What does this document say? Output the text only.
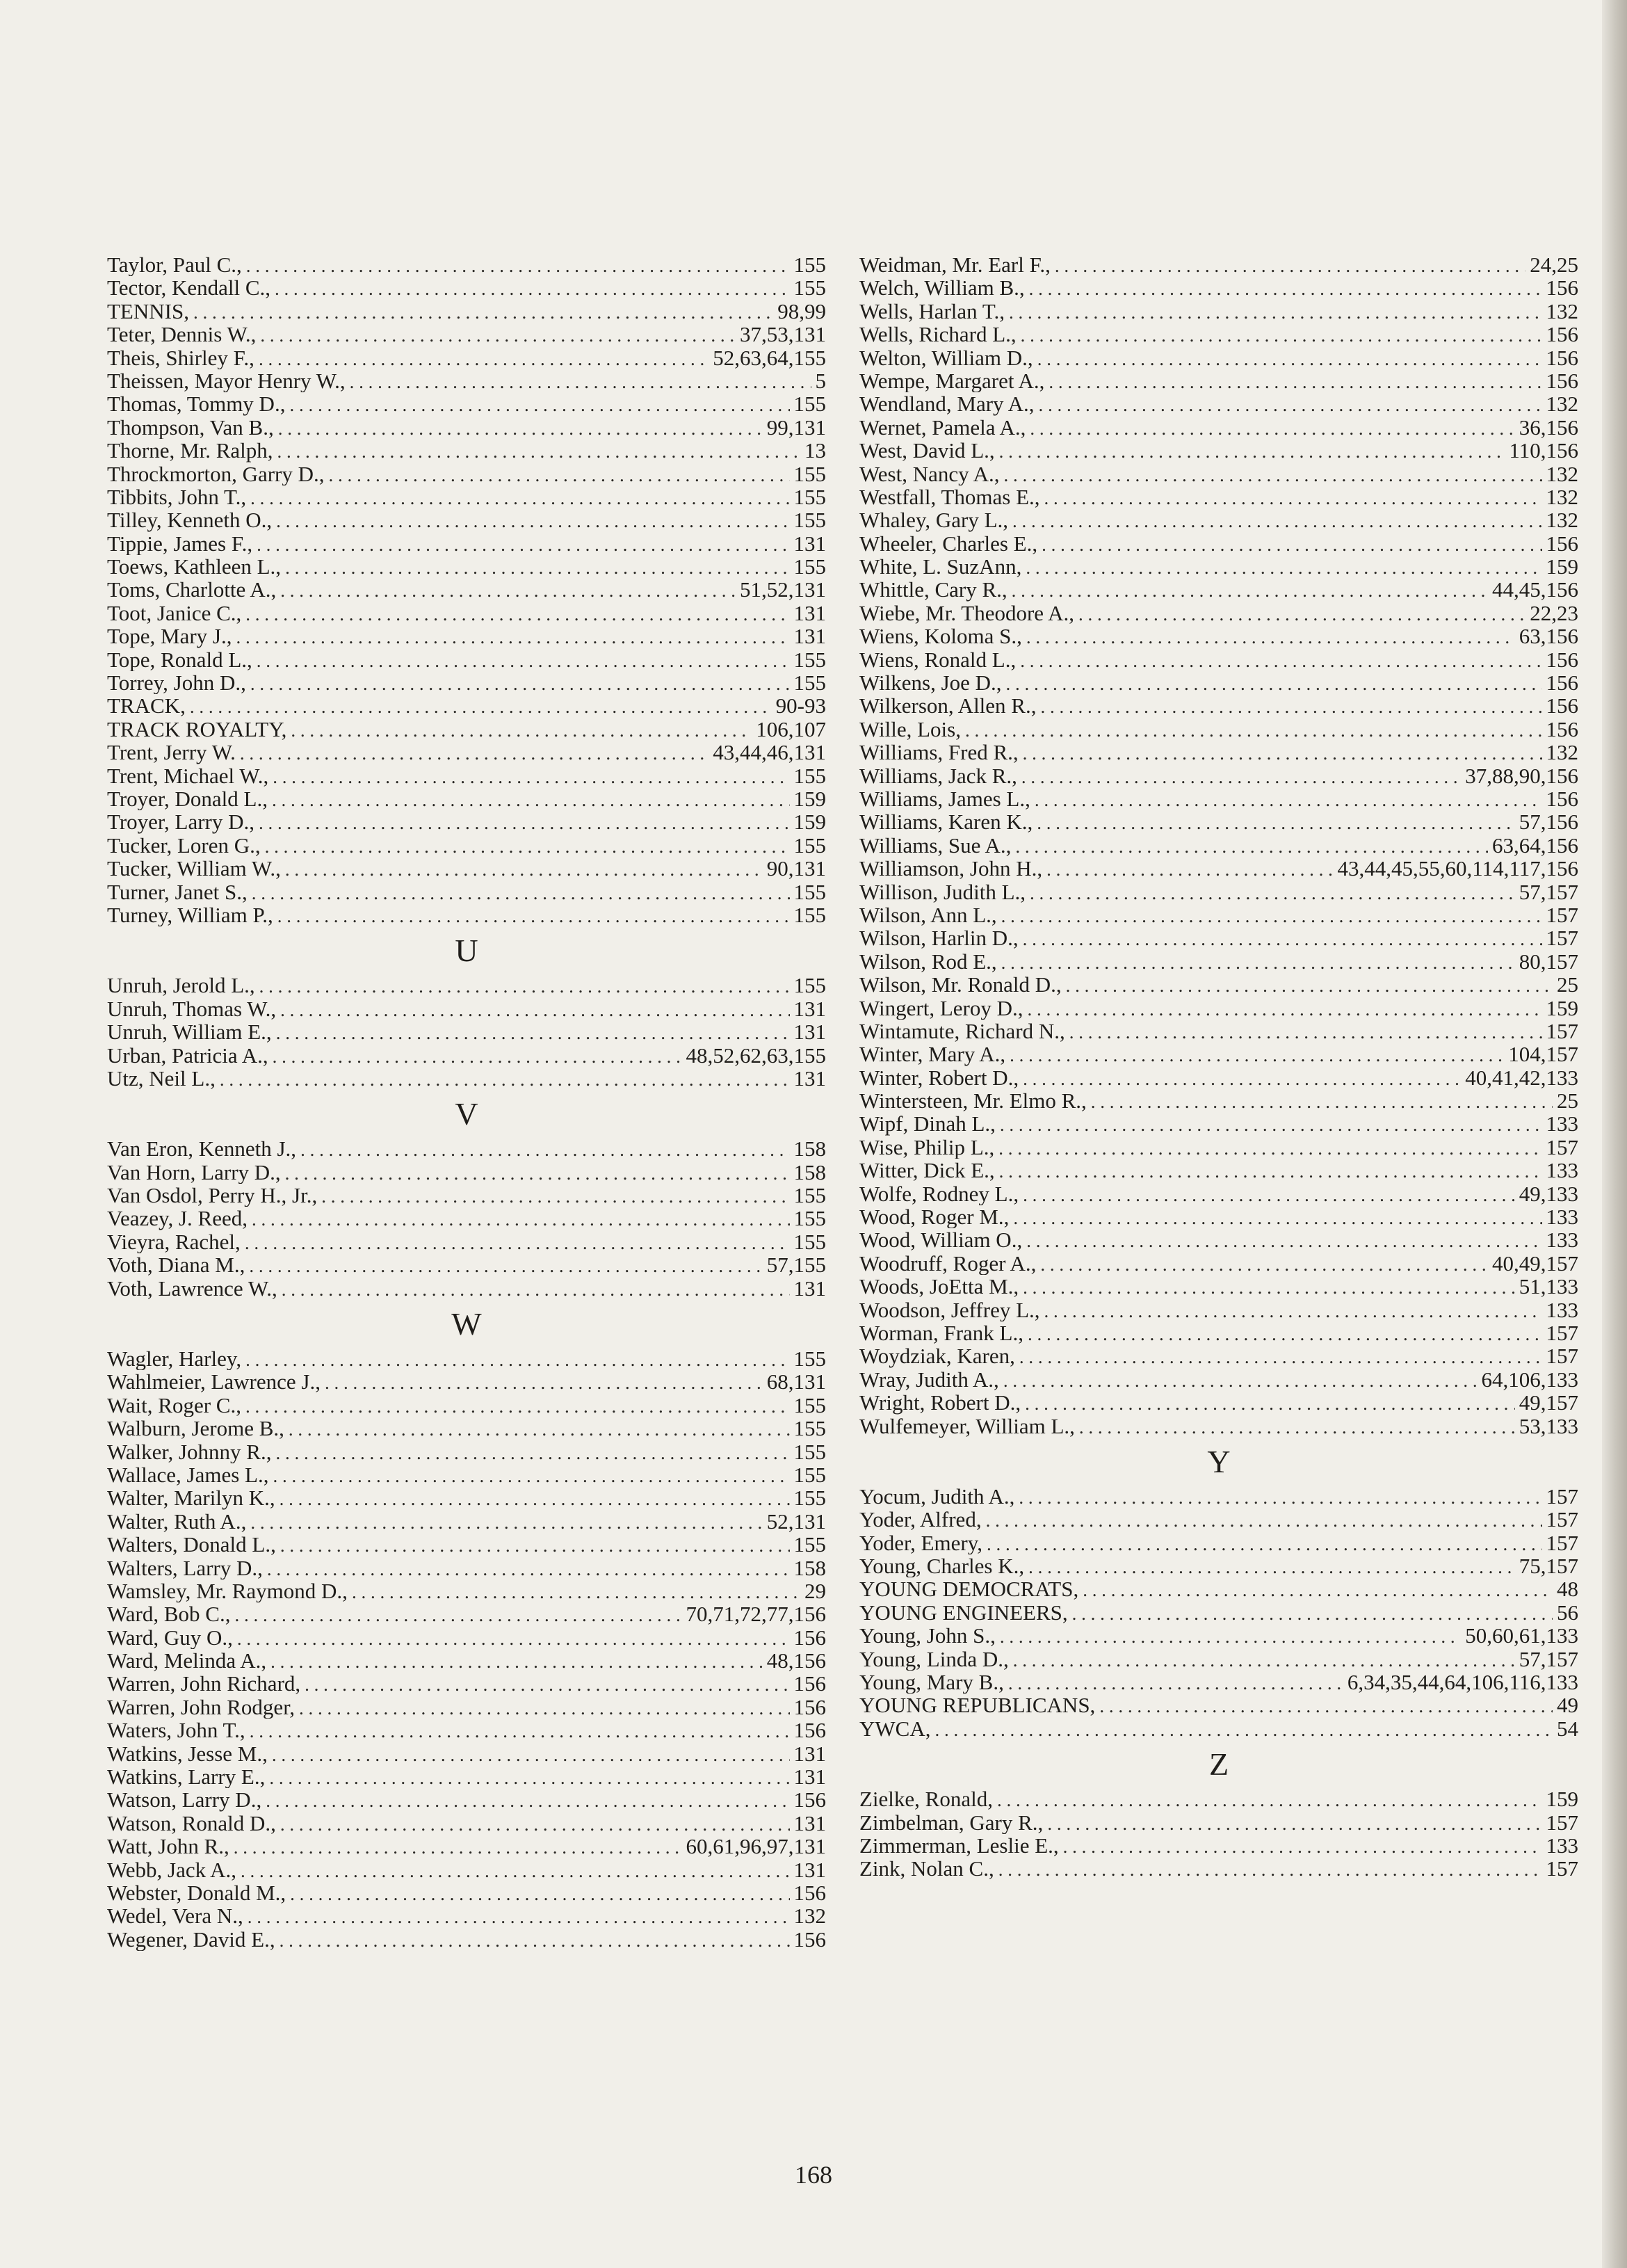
Taylor, Paul C., . . .	155
Tector, Kendall C., . . .	155
TENNIS, . . .	98,99
Teter, Dennis W., . . .	37,53,131
Theis, Shirley F., . . .	52,63,64,155
Theissen, Mayor Henry W., . . .	5
Thomas, Tommy D., . . .	155
Thompson, Van B., . . .	99,131
Thorne, Mr. Ralph, . . .	13
Throckmorton, Garry D., . . .	155
Tibbits, John T., . . .	155
Tilley, Kenneth O., . . .	155
Tippie, James F., . . .	131
Toews, Kathleen L., . . .	155
Toms, Charlotte A., . . .	51,52,131
Toot, Janice C., . . .	131
Tope, Mary J., . . .	131
Tope, Ronald L., . . .	155
Torrey, John D., . . .	155
TRACK, . . .	90-93
TRACK ROYALTY, . . .	106,107
Trent, Jerry W. . . .	43,44,46,131
Trent, Michael W., . . .	155
Troyer, Donald L., . . .	159
Troyer, Larry D., . . .	159
Tucker, Loren G., . . .	155
Tucker, William W., . . .	90,131
Turner, Janet S., . . .	155
Turney, William P., . . .	155
U
Unruh, Jerold L., . . .	155
Unruh, Thomas W., . . .	131
Unruh, William E., . . .	131
Urban, Patricia A., . . .	48,52,62,63,155
Utz, Neil L., . . .	131
V
Van Eron, Kenneth J., . . .	158
Van Horn, Larry D., . . .	158
Van Osdol, Perry H., Jr., . . .	155
Veazey, J. Reed, . . .	155
Vieyra, Rachel, . . .	155
Voth, Diana M., . . .	57,155
Voth, Lawrence W., . . .	131
W
Wagler, Harley, . . .	155
Wahlmeier, Lawrence J., . . .	68,131
Wait, Roger C., . . .	155
Walburn, Jerome B., . . .	155
Walker, Johnny R., . . .	155
Wallace, James L., . . .	155
Walter, Marilyn K., . . .	155
Walter, Ruth A., . . .	52,131
Walters, Donald L., . . .	155
Walters, Larry D., . . .	158
Wamsley, Mr. Raymond D., . . .	29
Ward, Bob C., . . .	70,71,72,77,156
Ward, Guy O., . . .	156
Ward, Melinda A., . . .	48,156
Warren, John Richard, . . .	156
Warren, John Rodger, . . .	156
Waters, John T., . . .	156
Watkins, Jesse M., . . .	131
Watkins, Larry E., . . .	131
Watson, Larry D., . . .	156
Watson, Ronald D., . . .	131
Watt, John R., . . .	60,61,96,97,131
Webb, Jack A., . . .	131
Webster, Donald M., . . .	156
Wedel, Vera N., . . .	132
Wegener, David E., . . .	156
Weidman, Mr. Earl F., . . .	24,25
Welch, William B., . . .	156
Wells, Harlan T., . . .	132
Wells, Richard L., . . .	156
Welton, William D., . . .	156
Wempe, Margaret A., . . .	156
Wendland, Mary A., . . .	132
Wernet, Pamela A., . . .	36,156
West, David L., . . .	110,156
West, Nancy A., . . .	132
Westfall, Thomas E., . . .	132
Whaley, Gary L., . . .	132
Wheeler, Charles E., . . .	156
White, L. SuzAnn, . . .	159
Whittle, Cary R., . . .	44,45,156
Wiebe, Mr. Theodore A., . . .	22,23
Wiens, Koloma S., . . .	63,156
Wiens, Ronald L., . . .	156
Wilkens, Joe D., . . .	156
Wilkerson, Allen R., . . .	156
Wille, Lois, . . .	156
Williams, Fred R., . . .	132
Williams, Jack R., . . .	37,88,90,156
Williams, James L., . . .	156
Williams, Karen K., . . .	57,156
Williams, Sue A., . . .	63,64,156
Williamson, John H., . . .	43,44,45,55,60,114,117,156
Willison, Judith L., . . .	57,157
Wilson, Ann L., . . .	157
Wilson, Harlin D., . . .	157
Wilson, Rod E., . . .	80,157
Wilson, Mr. Ronald D., . . .	25
Wingert, Leroy D., . . .	159
Wintamute, Richard N., . . .	157
Winter, Mary A., . . .	104,157
Winter, Robert D., . . .	40,41,42,133
Wintersteen, Mr. Elmo R., . . .	25
Wipf, Dinah L., . . .	133
Wise, Philip L., . . .	157
Witter, Dick E., . . .	133
Wolfe, Rodney L., . . .	49,133
Wood, Roger M., . . .	133
Wood, William O., . . .	133
Woodruff, Roger A., . . .	40,49,157
Woods, JoEtta M., . . .	51,133
Woodson, Jeffrey L., . . .	133
Worman, Frank L., . . .	157
Woydziak, Karen, . . .	157
Wray, Judith A., . . .	64,106,133
Wright, Robert D., . . .	49,157
Wulfemeyer, William L., . . .	53,133
Y
Yocum, Judith A., . . .	157
Yoder, Alfred, . . .	157
Yoder, Emery, . . .	157
Young, Charles K., . . .	75,157
YOUNG DEMOCRATS, . . .	48
YOUNG ENGINEERS, . . .	56
Young, John S., . . .	50,60,61,133
Young, Linda D., . . .	57,157
Young, Mary B., . . .	6,34,35,44,64,106,116,133
YOUNG REPUBLICANS, . . .	49
YWCA, . . .	54
Z
Zielke, Ronald, . . .	159
Zimbelman, Gary R., . . .	157
Zimmerman, Leslie E., . . .	133
Zink, Nolan C., . . .	157
168
